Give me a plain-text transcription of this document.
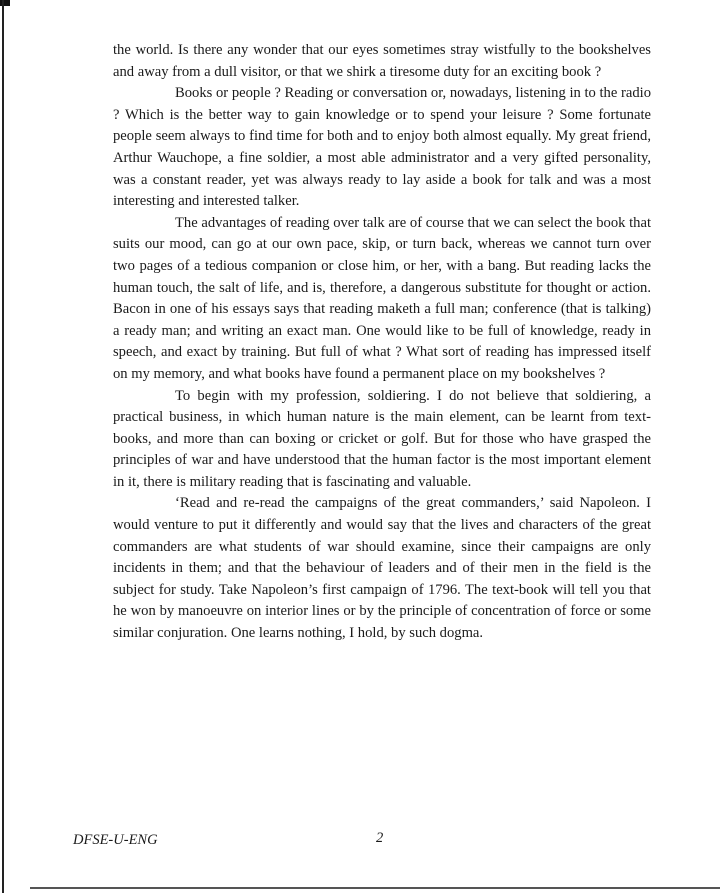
the world. Is there any wonder that our eyes sometimes stray wistfully to the bookshelves and away from a dull visitor, or that we shirk a tiresome duty for an exciting book ?

Books or people ? Reading or conversation or, nowadays, listening in to the radio ? Which is the better way to gain knowledge or to spend your leisure ? Some fortunate people seem always to find time for both and to enjoy both almost equally. My great friend, Arthur Wauchope, a fine soldier, a most able administrator and a very gifted personality, was a constant reader, yet was always ready to lay aside a book for talk and was a most interesting and interested talker.

The advantages of reading over talk are of course that we can select the book that suits our mood, can go at our own pace, skip, or turn back, whereas we cannot turn over two pages of a tedious companion or close him, or her, with a bang. But reading lacks the human touch, the salt of life, and is, therefore, a dangerous substitute for thought or action. Bacon in one of his essays says that reading maketh a full man; conference (that is talking) a ready man; and writing an exact man. One would like to be full of knowledge, ready in speech, and exact by training. But full of what ? What sort of reading has impressed itself on my memory, and what books have found a permanent place on my bookshelves ?

To begin with my profession, soldiering. I do not believe that soldiering, a practical business, in which human nature is the main element, can be learnt from text-books, and more than can boxing or cricket or golf. But for those who have grasped the principles of war and have understood that the human factor is the most important element in it, there is military reading that is fascinating and valuable.

‘Read and re-read the campaigns of the great commanders,’ said Napoleon. I would venture to put it differently and would say that the lives and characters of the great commanders are what students of war should examine, since their campaigns are only incidents in them; and that the behaviour of leaders and of their men in the field is the subject for study. Take Napoleon’s first campaign of 1796. The text-book will tell you that he won by manoeuvre on interior lines or by the principle of concentration of force or some similar conjuration. One learns nothing, I hold, by such dogma.

DFSE-U-ENG	2
